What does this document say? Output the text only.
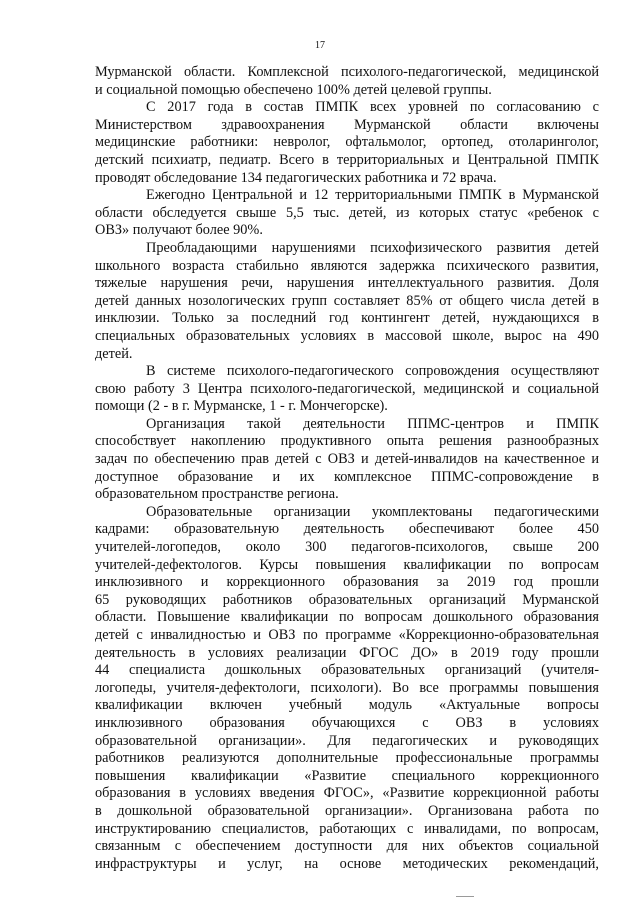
17
Мурманской области. Комплексной психолого-педагогической, медицинской
и социальной помощью обеспечено 100% детей целевой группы.
С 2017 года в состав ПМПК всех уровней по согласованию с
Министерством здравоохранения Мурманской области включены
медицинские работники: невролог, офтальмолог, ортопед, отоларинголог,
детский психиатр, педиатр. Всего в территориальных и Центральной ПМПК
проводят обследование 134 педагогических работника и 72 врача.
Ежегодно Центральной и 12 территориальными ПМПК в Мурманской
области обследуется свыше 5,5 тыс. детей, из которых статус «ребенок с
ОВЗ» получают более 90%.
Преобладающими нарушениями психофизического развития детей
школьного возраста стабильно являются задержка психического развития,
тяжелые нарушения речи, нарушения интеллектуального развития. Доля
детей данных нозологических групп составляет 85% от общего числа детей в
инклюзии. Только за последний год контингент детей, нуждающихся в
специальных образовательных условиях в массовой школе, вырос на 490
детей.
В системе психолого-педагогического сопровождения осуществляют
свою работу 3 Центра психолого-педагогической, медицинской и социальной
помощи (2 - в г. Мурманске, 1 - г. Мончегорске).
Организация такой деятельности ППМС-центров и ПМПК
способствует накоплению продуктивного опыта решения разнообразных
задач по обеспечению прав детей с ОВЗ и детей-инвалидов на качественное и
доступное образование и их комплексное ППМС-сопровождение в
образовательном пространстве региона.
Образовательные организации укомплектованы педагогическими
кадрами: образовательную деятельность обеспечивают более 450
учителей-логопедов, около 300 педагогов-психологов, свыше 200
учителей-дефектологов. Курсы повышения квалификации по вопросам
инклюзивного и коррекционного образования за 2019 год прошли
65 руководящих работников образовательных организаций Мурманской
области. Повышение квалификации по вопросам дошкольного образования
детей с инвалидностью и ОВЗ по программе «Коррекционно-образовательная
деятельность в условиях реализации ФГОС ДО» в 2019 году прошли
44 специалиста дошкольных образовательных организаций (учителя-
логопеды, учителя-дефектологи, психологи). Во все программы повышения
квалификации включен учебный модуль «Актуальные вопросы
инклюзивного образования обучающихся с ОВЗ в условиях
образовательной организации». Для педагогических и руководящих
работников реализуются дополнительные профессиональные программы
повышения квалификации «Развитие специального коррекционного
образования в условиях введения ФГОС», «Развитие коррекционной работы
в дошкольной образовательной организации». Организована работа по
инструктированию специалистов, работающих с инвалидами, по вопросам,
связанным с обеспечением доступности для них объектов социальной
инфраструктуры и услуг, на основе методических рекомендаций,
